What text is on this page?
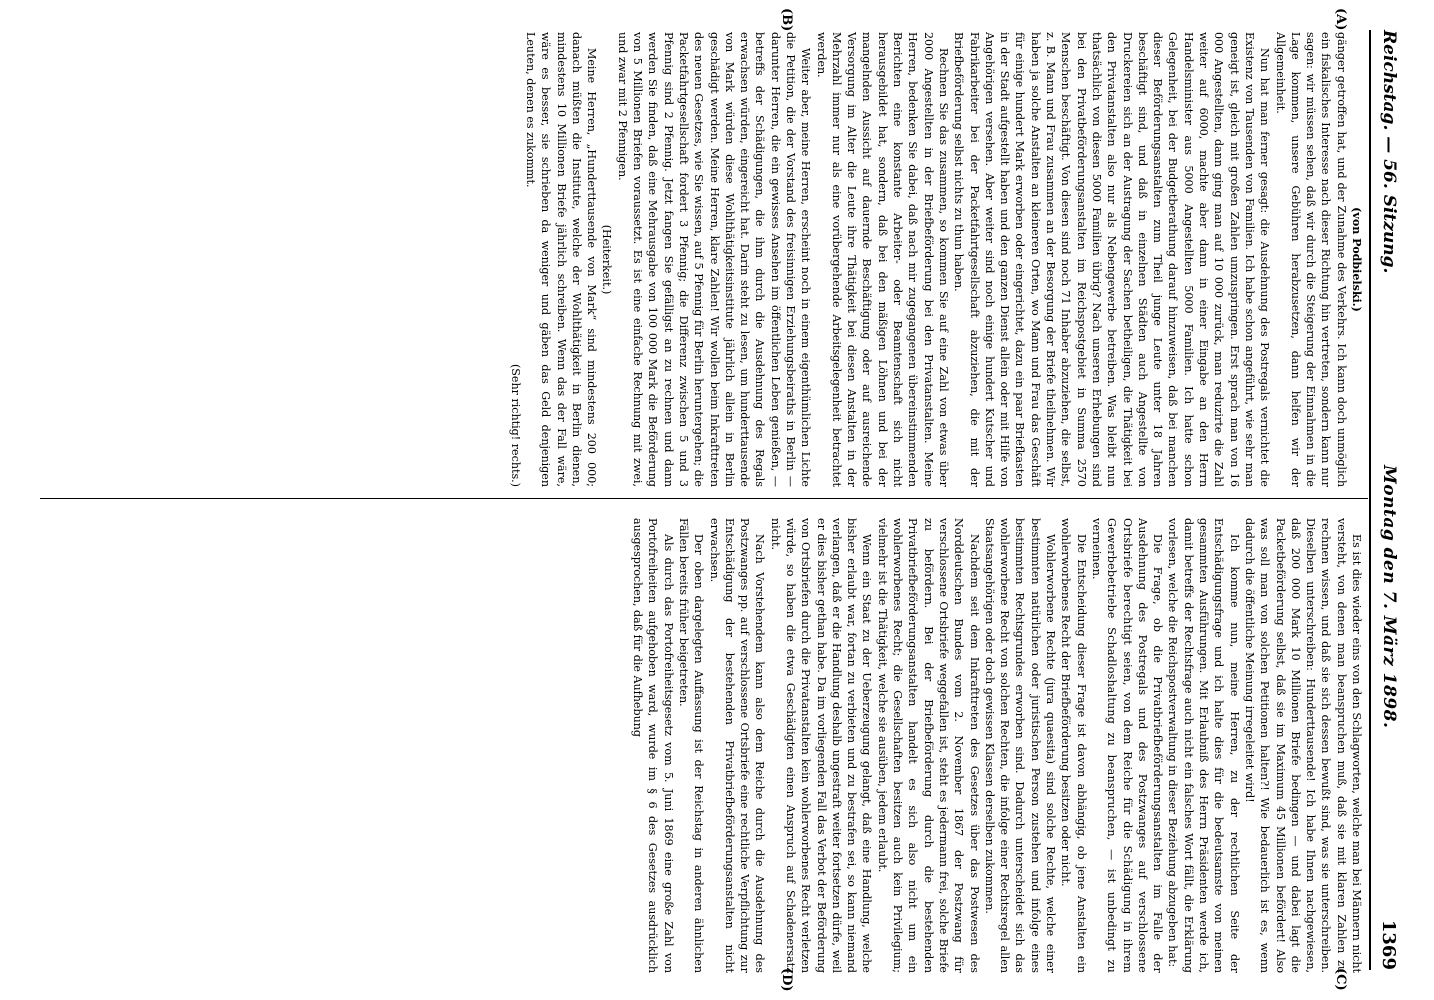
Reichstag. — 56. Sitzung.
Montag den 7. März 1898.
1369
(A)
(B)
(C)
(D)

(von Podbielski.)

gänger getroffen hat, und der Zunahme des Verkehrs. Ich kann doch unmöglich ein fiskalisches Interesse nach dieser Richtung hin vertreten, sondern kann nur sagen: wir müssen sehen, daß wir durch die Steigerung der Einnahmen in die Lage kommen, unsere Gebühren herabzusetzen, dann helfen wir der Allgemeinheit.

Nun hat man ferner gesagt: die Ausdehnung des Postregals vernichtet die Existenz von Tausenden von Familien. Ich habe schon angeführt, wie sehr man geneigt ist, gleich mit großen Zahlen umzuspringen. Erst sprach man von 16 000 Angestellten, dann ging man auf 10 000 zurück, man reduzirte die Zahl weiter auf 6000, machte aber dann in einer Eingabe an den Herrn Handelsminister aus 5000 Angestellten 5000 Familien. Ich hatte schon Gelegenheit, bei der Budgetberathung darauf hinzuweisen, daß bei manchen dieser Beförderungsanstalten zum Theil junge Leute unter 18 Jahren beschäftigt sind, und daß in einzelnen Städten auch Angestellte von Druckereien sich an der Austragung der Sachen betheiligen, die Thätigkeit bei den Privatanstalten also nur als Nebengewerbe betreiben. Was bleibt nun thatsächlich von diesen 5000 Familien übrig? Nach unseren Erhebungen sind bei den Privatbeförderungsanstalten im Reichspostgebiet in Summa 2570 Menschen beschäftigt. Von diesen sind noch 71 Inhaber abzuziehen, die selbst, z. B. Mann und Frau zusammen an der Besorgung der Briefe theilnehmen. Wir haben ja solche Anstalten an kleineren Orten, wo Mann und Frau das Geschäft für einige hundert Mark erworben oder eingerichtet, dazu ein paar Briefkasten in der Stadt aufgestellt haben und den ganzen Dienst allein oder mit Hilfe von Angehörigen versehen. Aber weiter sind noch einige hundert Kutscher und Fabrikarbeiter bei der Packetfahrtgesellschaft abzuziehen, die mit der Briefbeförderung selbst nichts zu thun haben.

Rechnen Sie das zusammen, so kommen Sie auf eine Zahl von etwas über 2000 Angestellten in der Briefbeförderung bei den Privatanstalten. Meine Herren, bedenken Sie dabei, daß nach mir zugegangenen übereinstimmenden Berichten eine konstante Arbeiter- oder Beamtenschaft sich nicht herausgebildet hat, sondern, daß bei den mäßigen Löhnen und bei der mangelnden Aussicht auf dauernde Beschäftigung oder auf ausreichende Versorgung im Alter die Leute ihre Thätigkeit bei diesen Anstalten in der Mehrzahl immer nur als eine vorübergehende Arbeitsgelegenheit betrachtet werden.

Weiter aber, meine Herren, erscheint noch in einem eigenthümlichen Lichte die Petition, die der Vorstand des freisinnigen Erziehungsbeiraths in Berlin — darunter Herren, die ein gewisses Ansehen im öffentlichen Leben genießen, — betreffs der Schädigungen, die ihm durch die Ausdehnung des Regals erwachsen würden, eingereicht hat. Darin steht zu lesen, um hunderttausende von Mark würden diese Wohlthätigkeitsinstitute jährlich allein in Berlin geschädigt werden. Meine Herren, klare Zahlen! Wir wollen beim Inkrafttreten des neuen Gesetzes, wie Sie wissen, auf 5 Pfennig für Berlin heruntergehen; die Packetfahrtgesellschaft fordert 3 Pfennig; die Differenz zwischen 5 und 3 Pfennig sind 2 Pfennig. Jetzt fangen Sie gefälligst an zu rechnen und dann werden Sie finden, daß eine Mehrausgabe von 100 000 Mark die Beförderung von 5 Millionen Briefen voraussetzt. Es ist eine einfache Rechnung mit zwei, und zwar mit 2 Pfennigen.

(Heiterkeit.)

Meine Herren, „Hunderttausende von Mark“ sind mindestens 200 000; danach müßten die Institute, welche der Wohlthätigkeit in Berlin dienen, mindestens 10 Millionen Briefe jährlich schreiben. Wenn das der Fall wäre, wäre es besser, sie schrieben da weniger und gäben das Geld denjenigen Leuten, denen es zukommt.

(Sehr richtig! rechts.)

Es ist dies wieder eins von den Schlagworten, welche man bei Männern nicht versteht, von denen man beanspruchen muß, daß sie mit klaren Zahlen zu rechnen wissen, und daß sie sich dessen bewußt sind, was sie unterschreiben. Dieselben unterschreiben: Hunderttausende! Ich habe Ihnen nachgewiesen, daß 200 000 Mark 10 Millionen Briefe bedingen — und dabei lagt die Packetbeförderung selbst, daß sie im Maximum 45 Millionen befördert! Also was soll man von solchen Petitionen halten?! Wie bedauerlich ist es, wenn dadurch die öffentliche Meinung irregeleitet wird!

Ich komme nun, meine Herren, zu der rechtlichen Seite der Entschädigungsfrage und ich halte dies für die bedeutsamste von meinen gesammten Ausführungen. Mit Erlaubniß des Herrn Präsidenten werde ich, damit betreffs der Rechtsfrage auch nicht ein falsches Wort fällt, die Erklärung vorlesen, welche die Reichspostverwaltung in dieser Beziehung abzugeben hat:

Die Frage, ob die Privatbriefbeförderungsanstalten im Falle der Ausdehnung des Postregals und des Postzwanges auf verschlossene Ortsbriefe berechtigt seien, von dem Reiche für die Schädigung in ihrem Gewerbebetriebe Schadloshaltung zu beanspruchen, — ist unbedingt zu verneinen.

Die Entscheidung dieser Frage ist davon abhängig, ob jene Anstalten ein wohlerworbenes Recht der Briefbeförderung besitzen oder nicht.

Wohlerworbene Rechte (jura quaesita) sind solche Rechte, welche einer bestimmten natürlichen oder juristischen Person zustehen und infolge eines bestimmten Rechtsgrundes erworben sind. Dadurch unterscheidet sich das wohlerworbene Recht von solchen Rechten, die infolge einer Rechtsregel allen Staatsangehörigen oder doch gewissen Klassen derselben zukommen.

Nachdem seit dem Inkrafttreten des Gesetzes über das Postwesen des Norddeutschen Bundes vom 2. November 1867 der Postzwang für verschlossene Ortsbriefe weggefallen ist, steht es jedermann frei, solche Briefe zu befördern. Bei der Briefbeförderung durch die bestehenden Privatbriefbeförderungsanstalten handelt es sich also nicht um ein wohlerworbenes Recht; die Gesellschaften besitzen auch kein Privilegium; vielmehr ist die Thätigkeit, welche sie ausüben, jedem erlaubt.

Wenn ein Staat zu der Ueberzeugung gelangt, daß eine Handlung, welche bisher erlaubt war, fortan zu verbieten und zu bestrafen sei, so kann niemand verlangen, daß er die Handlung deshalb ungestraft weiter fortsetzen dürfe, weil er dies bisher gethan habe. Da im vorliegenden Fall das Verbot der Beförderung von Ortsbriefen durch die Privatanstalten kein wohlerworbenes Recht verletzen würde, so haben die etwa Geschädigten einen Anspruch auf Schadenersatz nicht.

Nach Vorstehendem kann also dem Reiche durch die Ausdehnung des Postzwanges pp. auf verschlossene Ortsbriefe eine rechtliche Verpflichtung zur Entschädigung der bestehenden Privatbriefbeförderungsanstalten nicht erwachsen.

Der oben dargelegten Auffassung ist der Reichstag in anderen ähnlichen Fällen bereits früher beigetreten.

Als durch das Portofreiheitsgesetz vom 5. Juni 1869 eine große Zahl von Portofreiheiten aufgehoben ward, wurde im § 6 des Gesetzes ausdrücklich ausgesprochen, daß für die Aufhebung
